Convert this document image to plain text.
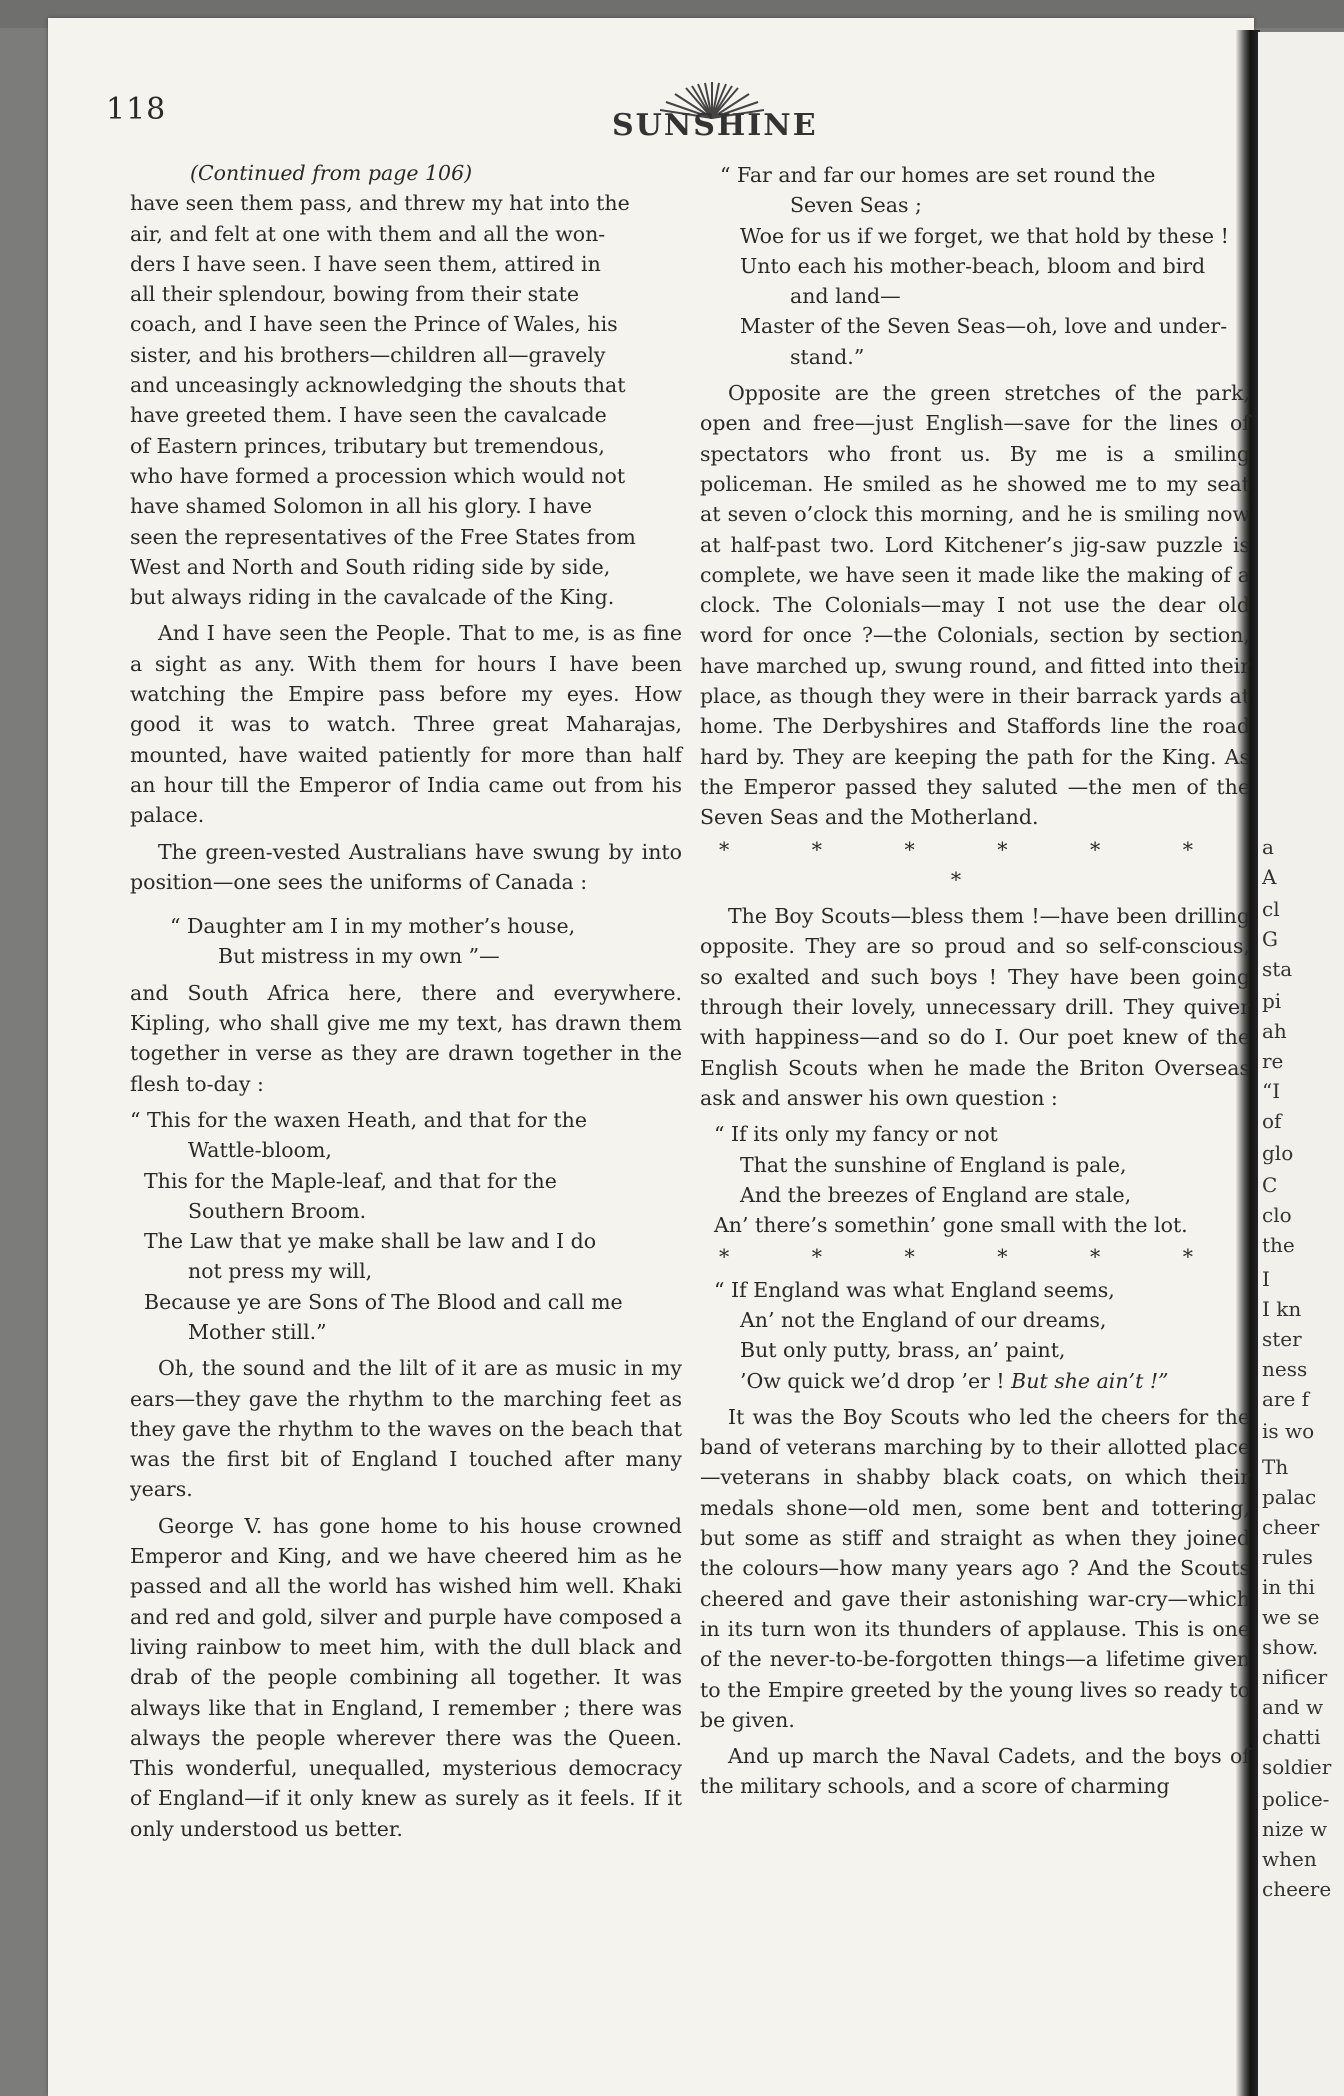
a
A
cl
G
sta
pi
ah
re
“I
of
glo
C
clo
the
I
I kn
ster
ness
are f
is wo
Th
palac
cheer
rules
in thi
we se
show.
nificer
and w
chatti
soldier
police-
nize w
when
cheere
118	SUNSHINE

(Continued from page 106)

have seen them pass, and threw my hat into the
air, and felt at one with them and all the won-
ders I have seen. I have seen them, attired in
all their splendour, bowing from their state
coach, and I have seen the Prince of Wales, his
sister, and his brothers—children all—gravely
and unceasingly acknowledging the shouts that
have greeted them. I have seen the cavalcade
of Eastern princes, tributary but tremendous,
who have formed a procession which would not
have shamed Solomon in all his glory. I have
seen the representatives of the Free States from
West and North and South riding side by side,
but always riding in the cavalcade of the King.

And I have seen the People. That to me, is as fine a sight as any. With them for hours I have been watching the Empire pass before my eyes. How good it was to watch. Three great Maharajas, mounted, have waited patiently for more than half an hour till the Emperor of India came out from his palace.

The green-vested Australians have swung by into position—one sees the uniforms of Canada :

“ Daughter am I in my mother’s house,
But mistress in my own ”—

and South Africa here, there and everywhere. Kipling, who shall give me my text, has drawn them together in verse as they are drawn together in the flesh to-day :

“ This for the waxen Heath, and that for the
Wattle-bloom,
This for the Maple-leaf, and that for the
Southern Broom.
The Law that ye make shall be law and I do
not press my will,
Because ye are Sons of The Blood and call me
Mother still.”

Oh, the sound and the lilt of it are as music in my ears—they gave the rhythm to the marching feet as they gave the rhythm to the waves on the beach that was the first bit of England I touched after many years.

George V. has gone home to his house crowned Emperor and King, and we have cheered him as he passed and all the world has wished him well. Khaki and red and gold, silver and purple have composed a living rainbow to meet him, with the dull black and drab of the people combining all together. It was always like that in England, I remember ; there was always the people wherever there was the Queen. This wonderful, unequalled, mysterious democracy of England—if it only knew as surely as it feels. If it only understood us better.

“ Far and far our homes are set round the
Seven Seas ;
Woe for us if we forget, we that hold by these !
Unto each his mother-beach, bloom and bird
and land—
Master of the Seven Seas—oh, love and under-
stand.”

Opposite are the green stretches of the park, open and free—just English—save for the lines of spectators who front us. By me is a smiling policeman. He smiled as he showed me to my seat at seven o’clock this morning, and he is smiling now at half-past two. Lord Kitchener’s jig-saw puzzle is complete, we have seen it made like the making of a clock. The Colonials—may I not use the dear old word for once ?—the Colonials, section by section, have marched up, swung round, and fitted into their place, as though they were in their barrack yards at home. The Derbyshires and Staffords line the road hard by. They are keeping the path for the King. As the Emperor passed they saluted —the men of the Seven Seas and the Motherland.

* * * * * * *

The Boy Scouts—bless them !—have been drilling opposite. They are so proud and so self-conscious, so exalted and such boys ! They have been going through their lovely, unnecessary drill. They quiver with happiness—and so do I. Our poet knew of the English Scouts when he made the Briton Overseas ask and answer his own question :

“ If its only my fancy or not
That the sunshine of England is pale,
And the breezes of England are stale,
An’ there’s somethin’ gone small with the lot.

* * * * * *

“ If England was what England seems,
An’ not the England of our dreams,
But only putty, brass, an’ paint,
’Ow quick we’d drop ’er ! But she ain’t !”

It was the Boy Scouts who led the cheers for the band of veterans marching by to their allotted place—veterans in shabby black coats, on which their medals shone—old men, some bent and tottering, but some as stiff and straight as when they joined the colours—how many years ago ? And the Scouts cheered and gave their astonishing war-cry—which in its turn won its thunders of applause. This is one of the never-to-be-forgotten things—a lifetime given to the Empire greeted by the young lives so ready to be given.

And up march the Naval Cadets, and the boys of the military schools, and a score of charming
